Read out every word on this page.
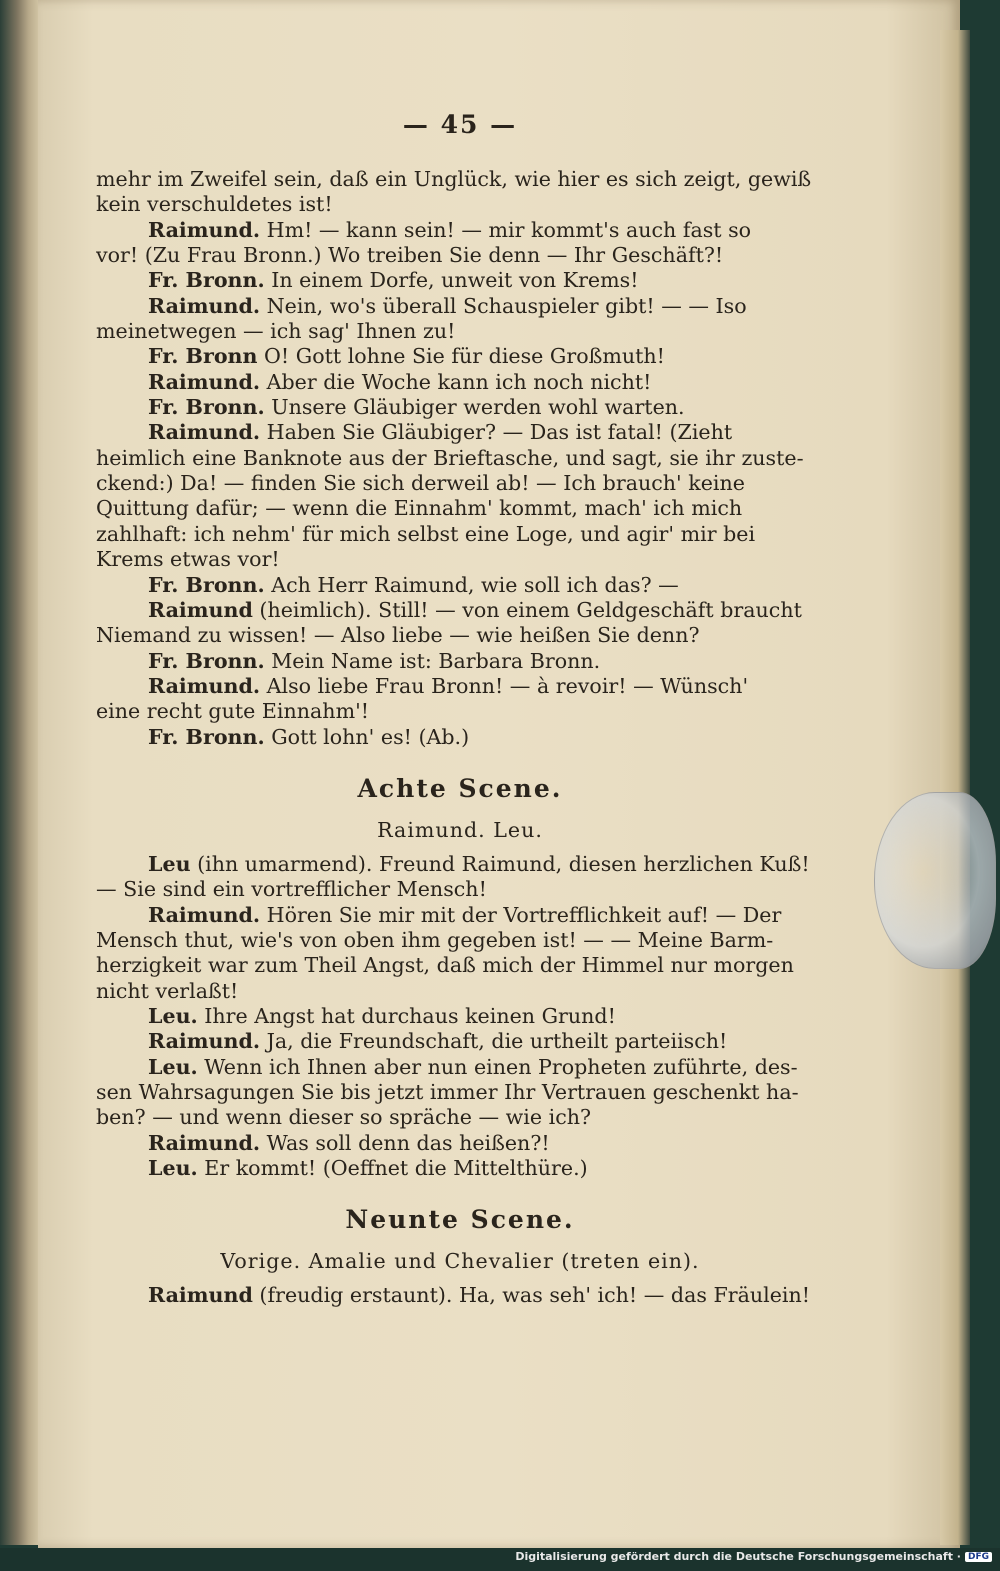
— 45 —
mehr im Zweifel sein, daß ein Unglück, wie hier es sich zeigt, gewiß
kein verschuldetes ist!
Raimund. Hm! — kann sein! — mir kommt's auch fast so
vor! (Zu Frau Bronn.) Wo treiben Sie denn — Ihr Geschäft?!
Fr. Bronn. In einem Dorfe, unweit von Krems!
Raimund. Nein, wo's überall Schauspieler gibt! — — Iso
meinetwegen — ich sag' Ihnen zu!
Fr. Bronn O! Gott lohne Sie für diese Großmuth!
Raimund. Aber die Woche kann ich noch nicht!
Fr. Bronn. Unsere Gläubiger werden wohl warten.
Raimund. Haben Sie Gläubiger? — Das ist fatal! (Zieht
heimlich eine Banknote aus der Brieftasche, und sagt, sie ihr zuste-
ckend:) Da! — finden Sie sich derweil ab! — Ich brauch' keine
Quittung dafür; — wenn die Einnahm' kommt, mach' ich mich
zahlhaft: ich nehm' für mich selbst eine Loge, und agir' mir bei
Krems etwas vor!
Fr. Bronn. Ach Herr Raimund, wie soll ich das? —
Raimund (heimlich). Still! — von einem Geldgeschäft braucht
Niemand zu wissen! — Also liebe — wie heißen Sie denn?
Fr. Bronn. Mein Name ist: Barbara Bronn.
Raimund. Also liebe Frau Bronn! — à revoir! — Wünsch'
eine recht gute Einnahm'!
Fr. Bronn. Gott lohn' es! (Ab.)
Achte Scene.
Raimund. Leu.
Leu (ihn umarmend). Freund Raimund, diesen herzlichen Kuß!
— Sie sind ein vortrefflicher Mensch!
Raimund. Hören Sie mir mit der Vortrefflichkeit auf! — Der
Mensch thut, wie's von oben ihm gegeben ist! — — Meine Barm-
herzigkeit war zum Theil Angst, daß mich der Himmel nur morgen
nicht verlaßt!
Leu. Ihre Angst hat durchaus keinen Grund!
Raimund. Ja, die Freundschaft, die urtheilt parteiisch!
Leu. Wenn ich Ihnen aber nun einen Propheten zuführte, des-
sen Wahrsagungen Sie bis jetzt immer Ihr Vertrauen geschenkt ha-
ben? — und wenn dieser so spräche — wie ich?
Raimund. Was soll denn das heißen?!
Leu. Er kommt! (Oeffnet die Mittelthüre.)
Neunte Scene.
Vorige. Amalie und Chevalier (treten ein).
Raimund (freudig erstaunt). Ha, was seh' ich! — das Fräulein!
Digitalisierung gefördert durch die Deutsche Forschungsgemeinschaft · DFG
